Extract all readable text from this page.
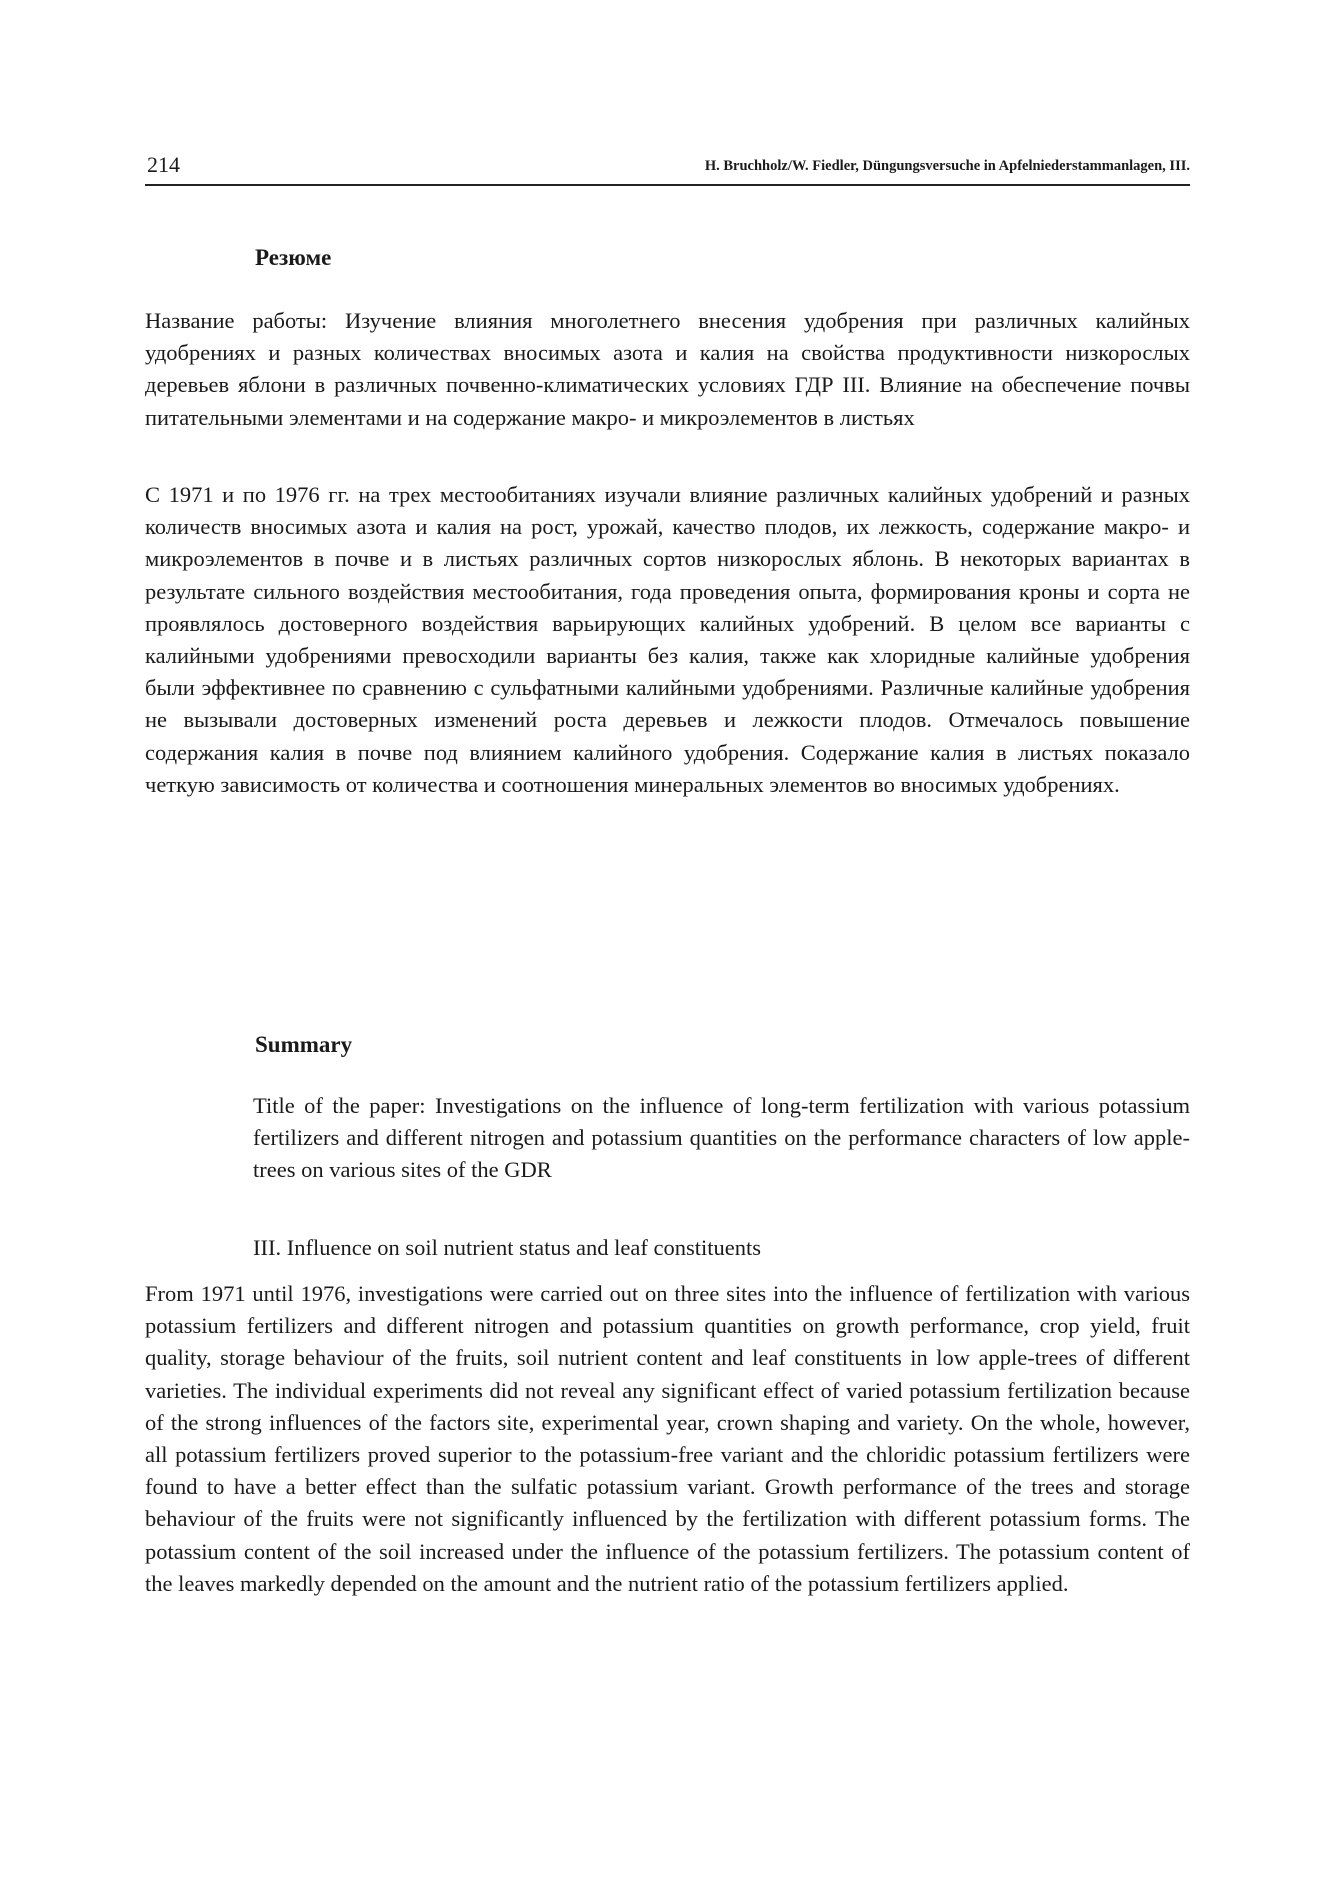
214	H. Bruchholz/W. Fiedler, Düngungsversuche in Apfelniederstammanlagen, III.
Резюме

Название работы: Изучение влияния многолетнего внесения удобрения при различных калийных удобрениях и разных количествах вносимых азота и калия на свойства продуктивности низкорослых деревьев яблони в различных почвенно-климатических условиях ГДР III. Влияние на обеспечение почвы питательными элементами и на содержание макро- и микроэлементов в листьях

С 1971 и по 1976 гг. на трех местообитаниях изучали влияние различных калийных удобрений и разных количеств вносимых азота и калия на рост, урожай, качество плодов, их лежкость, содержание макро- и микроэлементов в почве и в листьях различных сортов низкорослых яблонь. В некоторых вариантах в результате сильного воздействия местообитания, года проведения опыта, формирования кроны и сорта не проявлялось достоверного воздействия варьирующих калийных удобрений. В целом все варианты с калийными удобрениями превосходили варианты без калия, также как хлоридные калийные удобрения были эффективнее по сравнению с сульфатными калийными удобрениями. Различные калийные удобрения не вызывали достоверных изменений роста деревьев и лежкости плодов. Отмечалось повышение содержания калия в почве под влиянием калийного удобрения. Содержание калия в листьях показало четкую зависимость от количества и соотношения минеральных элементов во вносимых удобрениях.

Summary

Title of the paper: Investigations on the influence of long-term fertilization with various potassium fertilizers and different nitrogen and potassium quantities on the performance characters of low apple-trees on various sites of the GDR

III. Influence on soil nutrient status and leaf constituents

From 1971 until 1976, investigations were carried out on three sites into the influence of fertilization with various potassium fertilizers and different nitrogen and potassium quantities on growth performance, crop yield, fruit quality, storage behaviour of the fruits, soil nutrient content and leaf constituents in low apple-trees of different varieties. The individual experiments did not reveal any significant effect of varied potassium fertilization because of the strong influences of the factors site, experimental year, crown shaping and variety. On the whole, however, all potassium fertilizers proved superior to the potassium-free variant and the chloridic potassium fertilizers were found to have a better effect than the sulfatic potassium variant. Growth performance of the trees and storage behaviour of the fruits were not significantly influenced by the fertilization with different potassium forms. The potassium content of the soil increased under the influence of the potassium fertilizers. The potassium content of the leaves markedly depended on the amount and the nutrient ratio of the potassium fertilizers applied.
